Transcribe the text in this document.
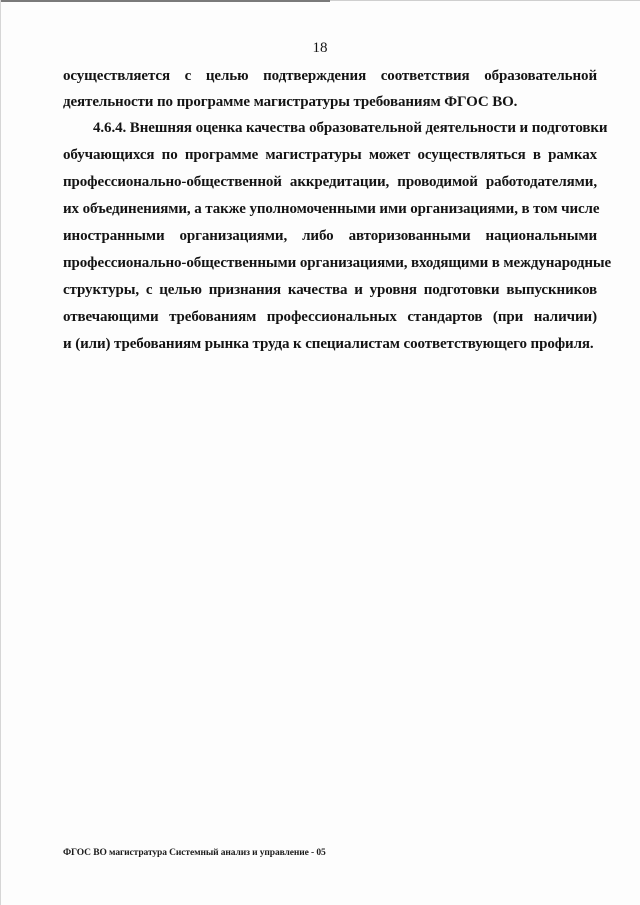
18
осуществляется с целью подтверждения соответствия образовательной
деятельности по программе магистратуры требованиям ФГОС ВО.
4.6.4. Внешняя оценка качества образовательной деятельности и подготовки
обучающихся по программе магистратуры может осуществляться в рамках
профессионально-общественной аккредитации, проводимой работодателями,
их объединениями, а также уполномоченными ими организациями, в том числе
иностранными организациями, либо авторизованными национальными
профессионально-общественными организациями, входящими в международные
структуры, с целью признания качества и уровня подготовки выпускников
отвечающими требованиям профессиональных стандартов (при наличии)
и (или) требованиям рынка труда к специалистам соответствующего профиля.
ФГОС ВО магистратура Системный анализ и управление - 05
